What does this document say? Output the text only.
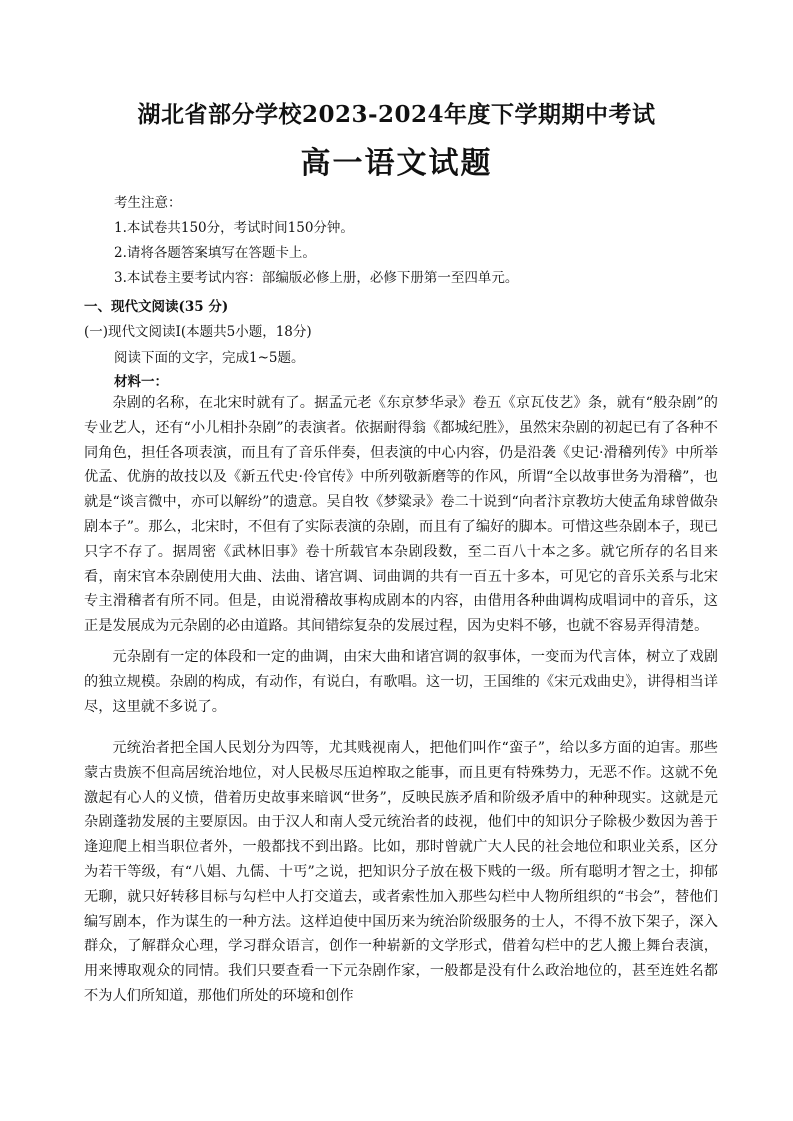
湖北省部分学校2023-2024年度下学期期中考试
高一语文试题
考生注意：
1.本试卷共150分，考试时间150分钟。
2.请将各题答案填写在答题卡上。
3.本试卷主要考试内容：部编版必修上册，必修下册第一至四单元。
一、现代文阅读(35 分)
(一)现代文阅读Ⅰ(本题共5小题，18分)
阅读下面的文字，完成1~5题。
材料一：

杂剧的名称，在北宋时就有了。据孟元老《东京梦华录》卷五《京瓦伎艺》条，就有“般杂剧”的专业艺人，还有“小儿相扑杂剧”的表演者。依据耐得翁《都城纪胜》，虽然宋杂剧的初起已有了各种不同角色，担任各项表演，而且有了音乐伴奏，但表演的中心内容，仍是沿袭《史记·滑稽列传》中所举优孟、优旃的故技以及《新五代史·伶官传》中所列敬新磨等的作风，所谓“全以故事世务为滑稽”，也就是“谈言微中，亦可以解纷”的遗意。吴自牧《梦粱录》卷二十说到“向者汴京教坊大使孟角球曾做杂剧本子”。那么，北宋时，不但有了实际表演的杂剧，而且有了编好的脚本。可惜这些杂剧本子，现已只字不存了。据周密《武林旧事》卷十所载官本杂剧段数，至二百八十本之多。就它所存的名目来看，南宋官本杂剧使用大曲、法曲、诸宫调、词曲调的共有一百五十多本，可见它的音乐关系与北宋专主滑稽者有所不同。但是，由说滑稽故事构成剧本的内容，由借用各种曲调构成唱词中的音乐，这正是发展成为元杂剧的必由道路。其间错综复杂的发展过程，因为史料不够，也就不容易弄得清楚。

元杂剧有一定的体段和一定的曲调，由宋大曲和诸宫调的叙事体，一变而为代言体，树立了戏剧的独立规模。杂剧的构成，有动作，有说白，有歌唱。这一切，王国维的《宋元戏曲史》，讲得相当详尽，这里就不多说了。

元统治者把全国人民划分为四等，尤其贱视南人，把他们叫作“蛮子”，给以多方面的迫害。那些蒙古贵族不但高居统治地位，对人民极尽压迫榨取之能事，而且更有特殊势力，无恶不作。这就不免激起有心人的义愤，借着历史故事来暗讽“世务”，反映民族矛盾和阶级矛盾中的种种现实。这就是元杂剧蓬勃发展的主要原因。由于汉人和南人受元统治者的歧视，他们中的知识分子除极少数因为善于逢迎爬上相当职位者外，一般都找不到出路。比如，那时曾就广大人民的社会地位和职业关系，区分为若干等级，有“八娼、九儒、十丐”之说，把知识分子放在极下贱的一级。所有聪明才智之士，抑郁无聊，就只好转移目标与勾栏中人打交道去，或者索性加入那些勾栏中人物所组织的“书会”，替他们编写剧本，作为谋生的一种方法。这样迫使中国历来为统治阶级服务的士人，不得不放下架子，深入群众，了解群众心理，学习群众语言，创作一种崭新的文学形式，借着勾栏中的艺人搬上舞台表演，用来博取观众的同情。我们只要查看一下元杂剧作家，一般都是没有什么政治地位的，甚至连姓名都不为人们所知道，那他们所处的环境和创作
